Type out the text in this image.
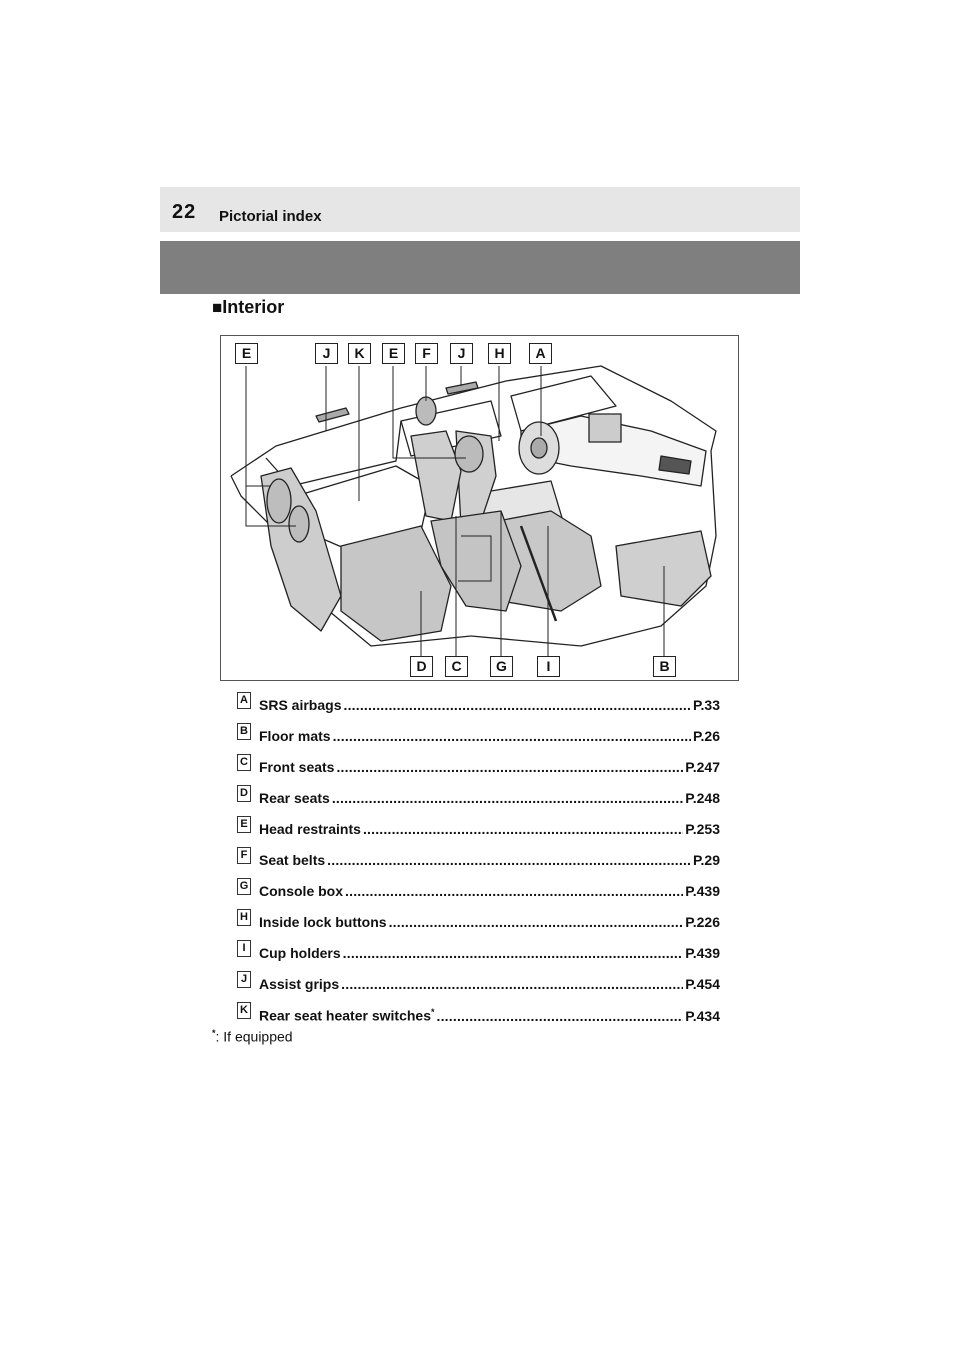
22 Pictorial index
■Interior
E	J	K	E	F	J	H	A
D	C	G	I	B
A SRS airbags .....	P.33
B Floor mats .....	P.26
C Front seats .....	P.247
D Rear seats .....	P.248
E Head restraints .....	P.253
F Seat belts .....	P.29
G Console box .....	P.439
H Inside lock buttons .....	P.226
I Cup holders .....	P.439
J Assist grips .....	P.454
K Rear seat heater switches* .....	P.434
*: If equipped
